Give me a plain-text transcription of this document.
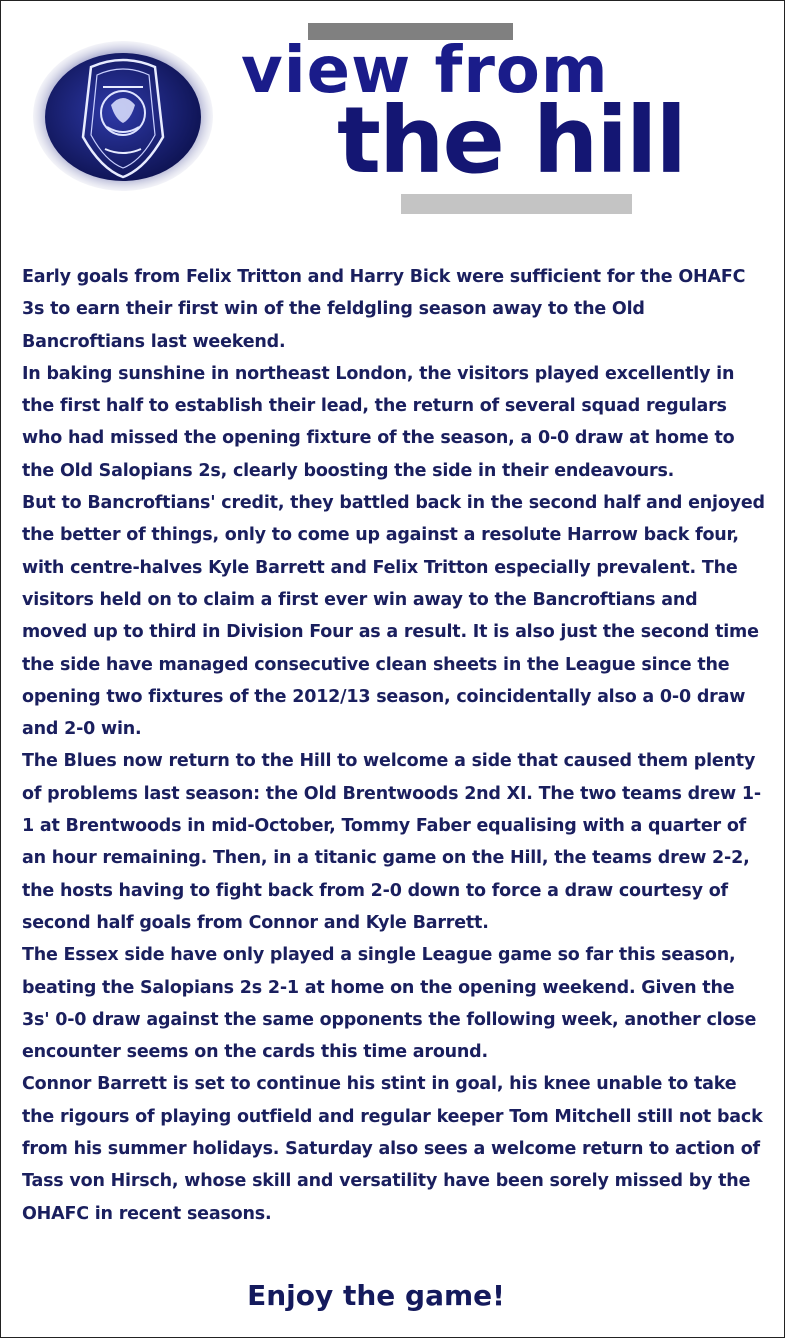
view from
the hill

Early goals from Felix Tritton and Harry Bick were sufficient for the OHAFC 3s to earn their first win of the feldgling season away to the Old Bancroftians last weekend.

In baking sunshine in northeast London, the visitors played excellently in the first half to establish their lead, the return of several squad regulars who had missed the opening fixture of the season, a 0-0 draw at home to the Old Salopians 2s, clearly boosting the side in their endeavours.

But to Bancroftians' credit, they battled back in the second half and enjoyed the better of things, only to come up against a resolute Harrow back four, with centre-halves Kyle Barrett and Felix Tritton especially prevalent. The visitors held on to claim a first ever win away to the Bancroftians and moved up to third in Division Four as a result. It is also just the second time the side have managed consecutive clean sheets in the League since the opening two fixtures of the 2012/13 season, coincidentally also a 0-0 draw and 2-0 win.

The Blues now return to the Hill to welcome a side that caused them plenty of problems last season: the Old Brentwoods 2nd XI. The two teams drew 1-1 at Brentwoods in mid-October, Tommy Faber equalising with a quarter of an hour remaining. Then, in a titanic game on the Hill, the teams drew 2-2, the hosts having to fight back from 2-0 down to force a draw courtesy of second half goals from Connor and Kyle Barrett.

The Essex side have only played a single League game so far this season, beating the Salopians 2s 2-1 at home on the opening weekend. Given the 3s' 0-0 draw against the same opponents the following week, another close encounter seems on the cards this time around.

Connor Barrett is set to continue his stint in goal, his knee unable to take the rigours of playing outfield and regular keeper Tom Mitchell still not back from his summer holidays. Saturday also sees a welcome return to action of Tass von Hirsch, whose skill and versatility have been sorely missed by the OHAFC in recent seasons.

Enjoy the game!
